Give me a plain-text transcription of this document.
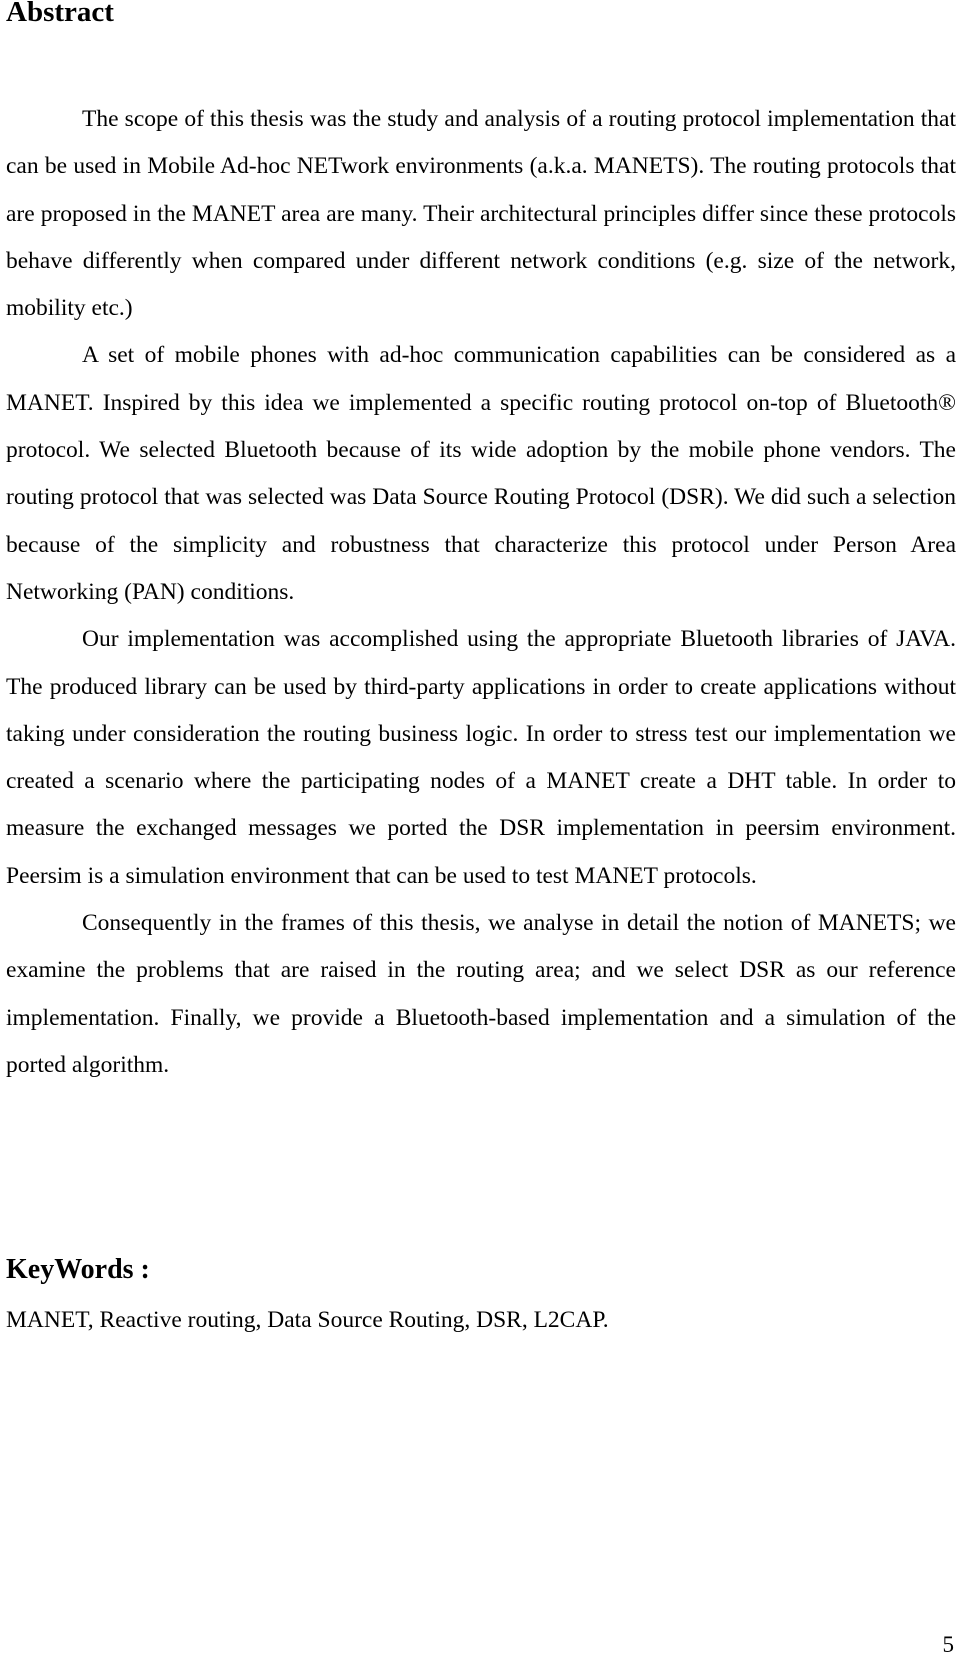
Abstract

The scope of this thesis was the study and analysis of a routing protocol implementation that can be used in Mobile Ad-hoc NETwork environments (a.k.a. MANETS). The routing protocols that are proposed in the MANET area are many. Their architectural principles differ since these protocols behave differently when compared under different network conditions (e.g. size of the network, mobility etc.)

A set of mobile phones with ad-hoc communication capabilities can be considered as a MANET. Inspired by this idea we implemented a specific routing protocol on-top of Bluetooth® protocol. We selected Bluetooth because of its wide adoption by the mobile phone vendors. The routing protocol that was selected was Data Source Routing Protocol (DSR). We did such a selection because of the simplicity and robustness that characterize this protocol under Person Area Networking (PAN) conditions.

Our implementation was accomplished using the appropriate Bluetooth libraries of JAVA. The produced library can be used by third-party applications in order to create applications without taking under consideration the routing business logic. In order to stress test our implementation we created a scenario where the participating nodes of a MANET create a DHT table. In order to measure the exchanged messages we ported the DSR implementation in peersim environment. Peersim is a simulation environment that can be used to test MANET protocols.

Consequently in the frames of this thesis, we analyse in detail the notion of MANETS; we examine the problems that are raised in the routing area; and we select DSR as our reference implementation. Finally, we provide a Bluetooth-based implementation and a simulation of the ported algorithm.

KeyWords :
MANET, Reactive routing, Data Source Routing, DSR, L2CAP.
5
